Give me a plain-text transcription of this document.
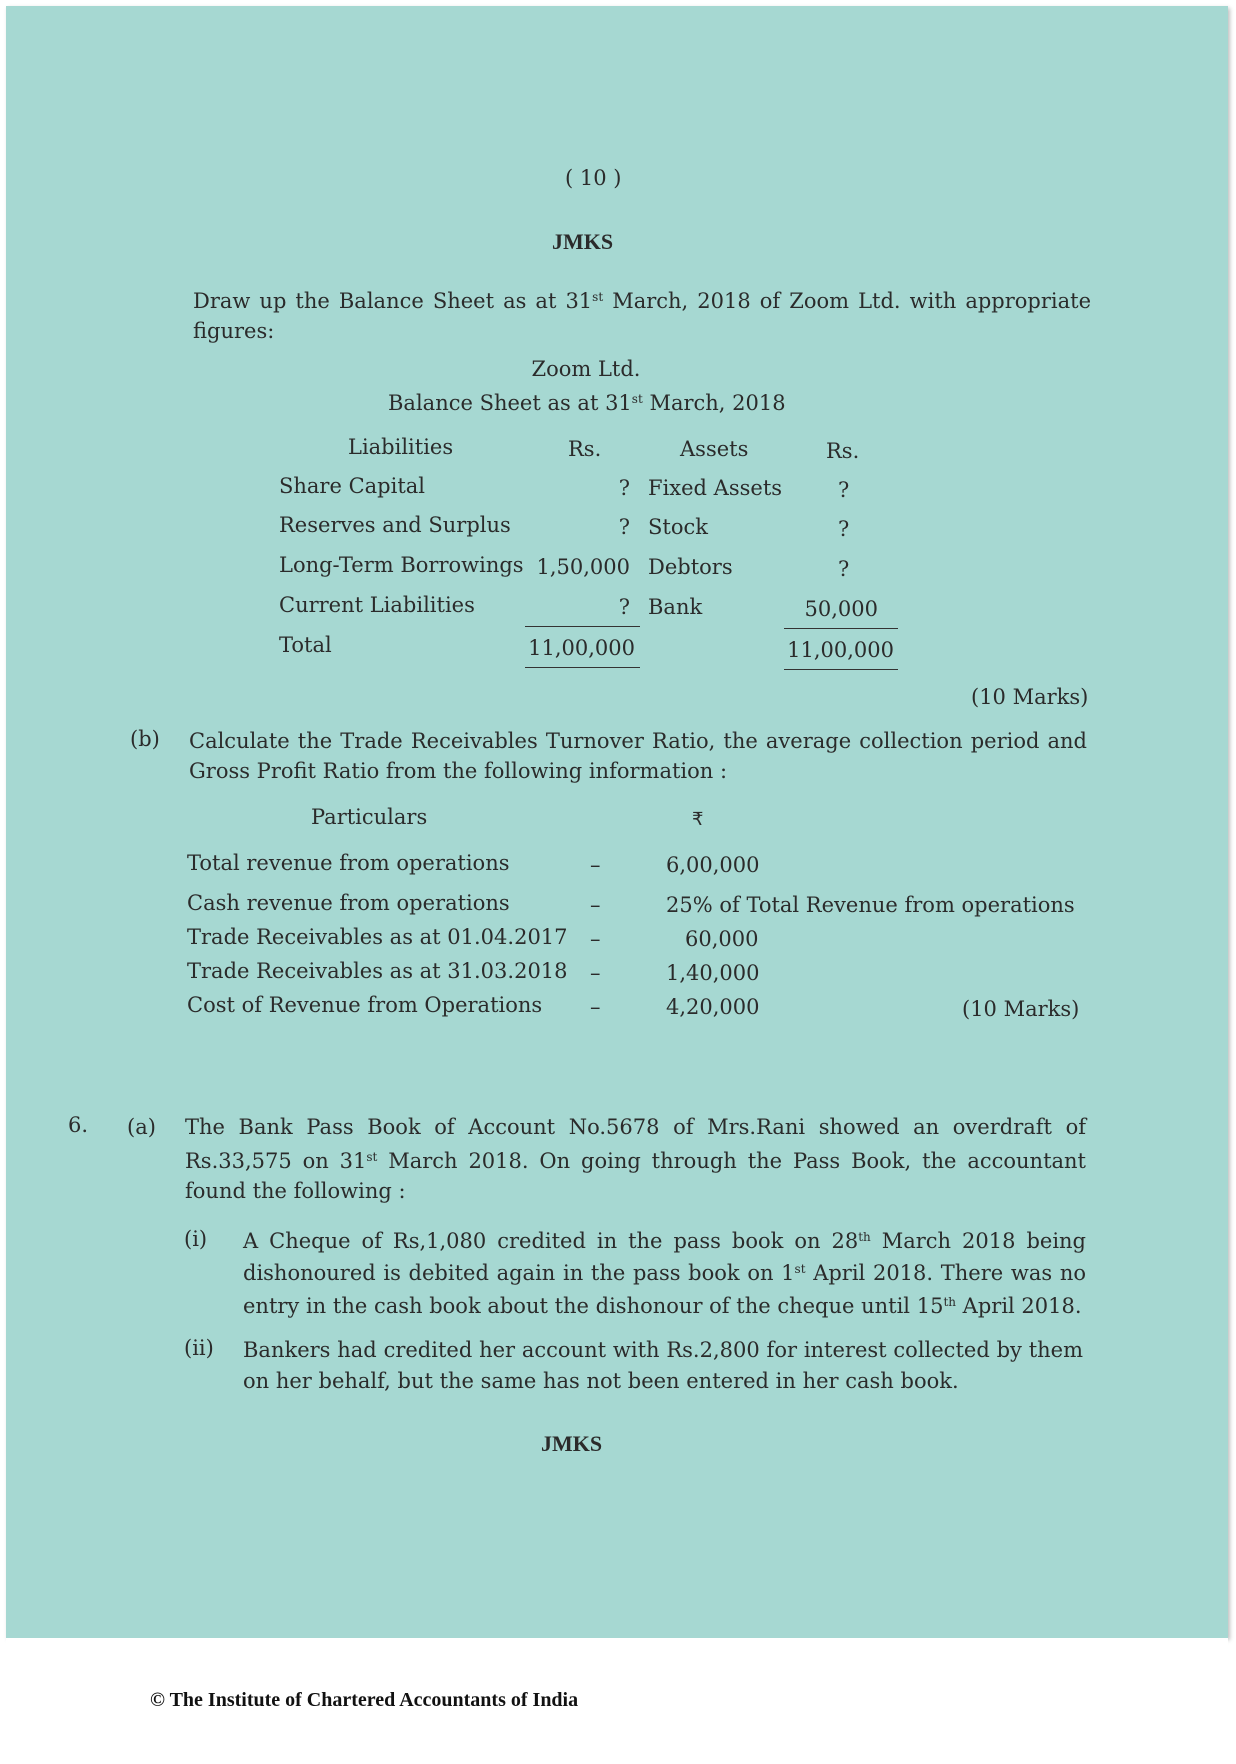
( 10 )
JMKS
Draw up the Balance Sheet as at 31st March, 2018 of Zoom Ltd. with appropriate
figures:
Zoom Ltd.
Balance Sheet as at 31st March, 2018
Liabilities	Rs.	Assets	Rs.
Share Capital	? Fixed Assets	?
Reserves and Surplus	? Stock	?
Long-Term Borrowings 1,50,000 Debtors	?
Current Liabilities	? Bank	50,000
Total	11,00,000	11,00,000
(10 Marks)
(b) Calculate the Trade Receivables Turnover Ratio, the average collection period and
Gross Profit Ratio from the following information :
Particulars	₹
Total revenue from operations	–	6,00,000
Cash revenue from operations	–	25% of Total Revenue from operations
Trade Receivables as at 01.04.2017 –	60,000
Trade Receivables as at 31.03.2018 –	1,40,000
Cost of Revenue from Operations –	4,20,000	(10 Marks)
6. (a) The Bank Pass Book of Account No.5678 of Mrs.Rani showed an overdraft of
Rs.33,575 on 31st March 2018. On going through the Pass Book, the accountant
found the following :
(i) A Cheque of Rs,1,080 credited in the pass book on 28th March 2018 being
dishonoured is debited again in the pass book on 1st April 2018. There was no
entry in the cash book about the dishonour of the cheque until 15th April 2018.
(ii) Bankers had credited her account with Rs.2,800 for interest collected by them
on her behalf, but the same has not been entered in her cash book.
JMKS
© The Institute of Chartered Accountants of India
